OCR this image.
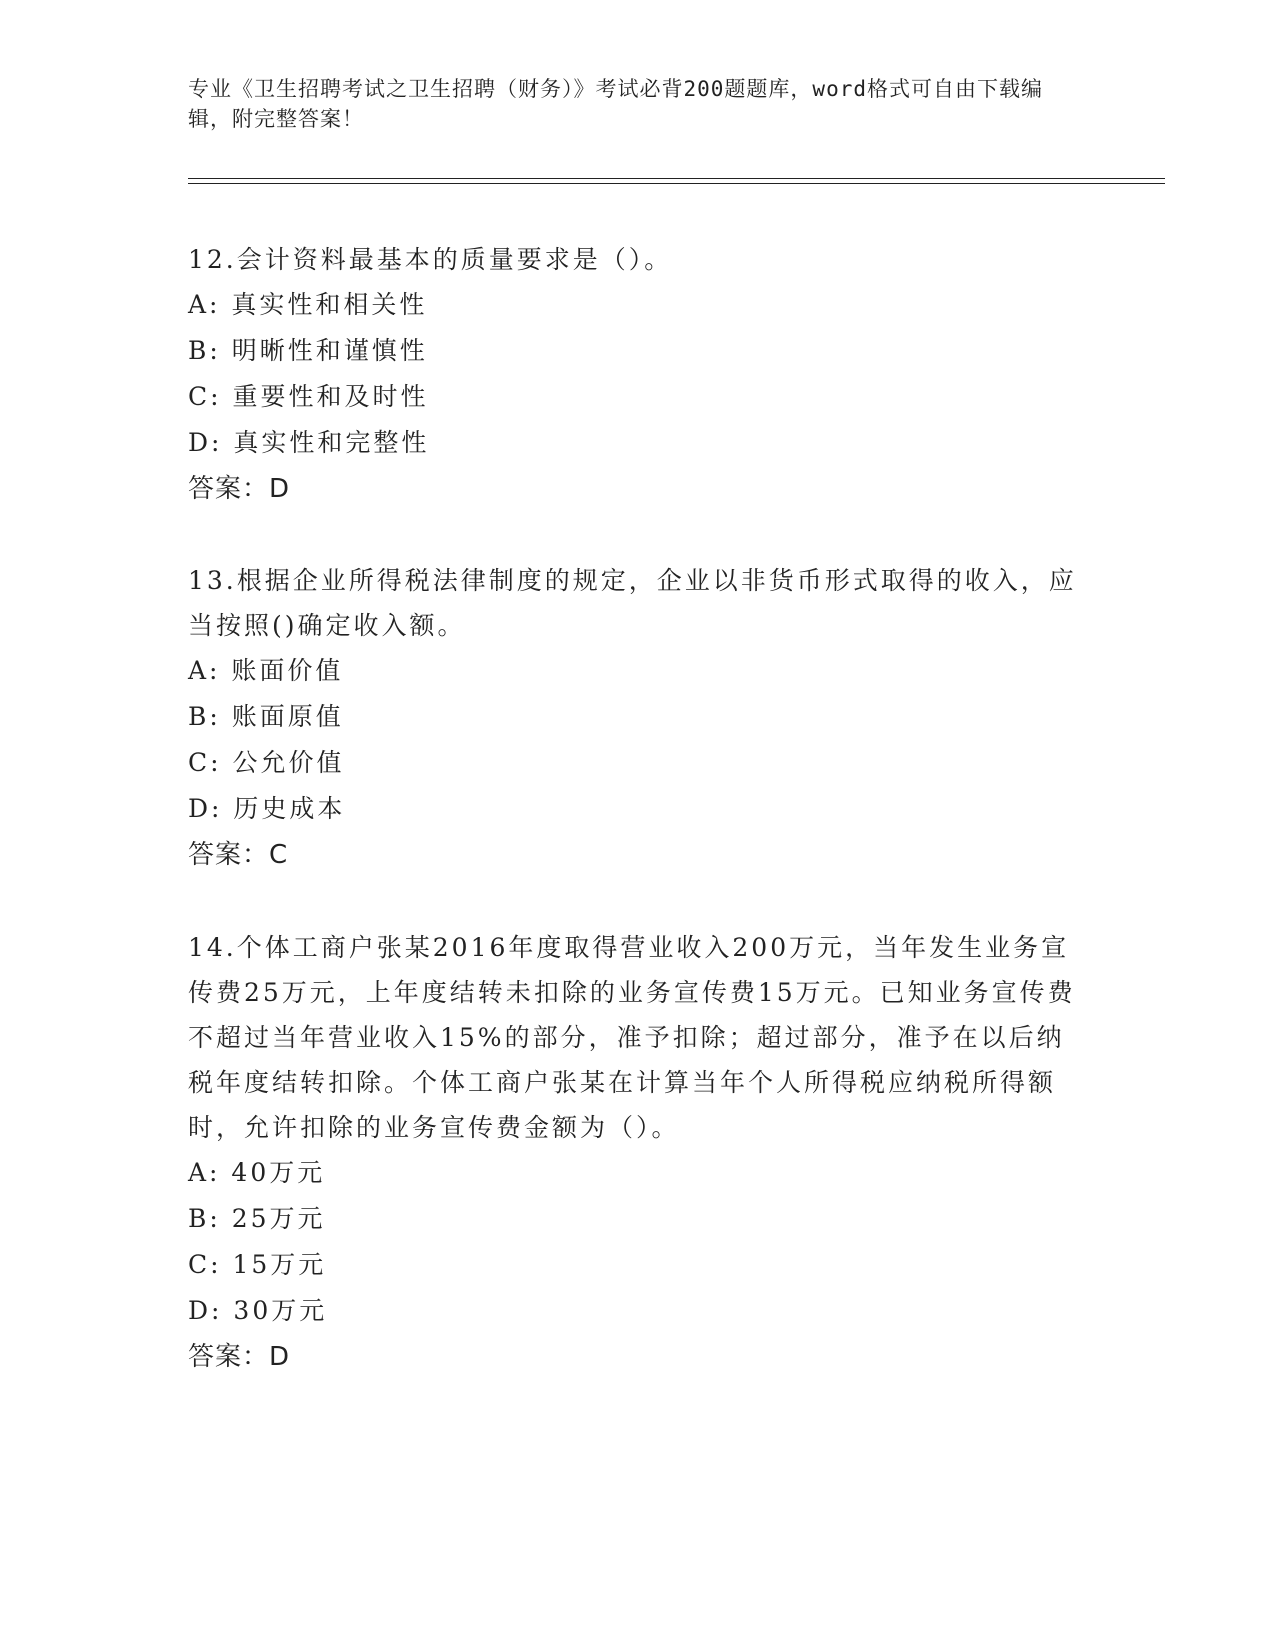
专业《卫生招聘考试之卫生招聘（财务）》考试必背200题题库，word格式可自由下载编辑，附完整答案！

12.会计资料最基本的质量要求是（）。

A: 真实性和相关性

B: 明晰性和谨慎性

C: 重要性和及时性

D: 真实性和完整性

答案：D

13.根据企业所得税法律制度的规定，企业以非货币形式取得的收入，应当按照()确定收入额。

A: 账面价值

B: 账面原值

C: 公允价值

D: 历史成本

答案：C

14.个体工商户张某2016年度取得营业收入200万元，当年发生业务宣传费25万元，上年度结转未扣除的业务宣传费15万元。已知业务宣传费不超过当年营业收入15%的部分，准予扣除；超过部分，准予在以后纳税年度结转扣除。个体工商户张某在计算当年个人所得税应纳税所得额时，允许扣除的业务宣传费金额为（）。

A: 40万元

B: 25万元

C: 15万元

D: 30万元

答案：D
